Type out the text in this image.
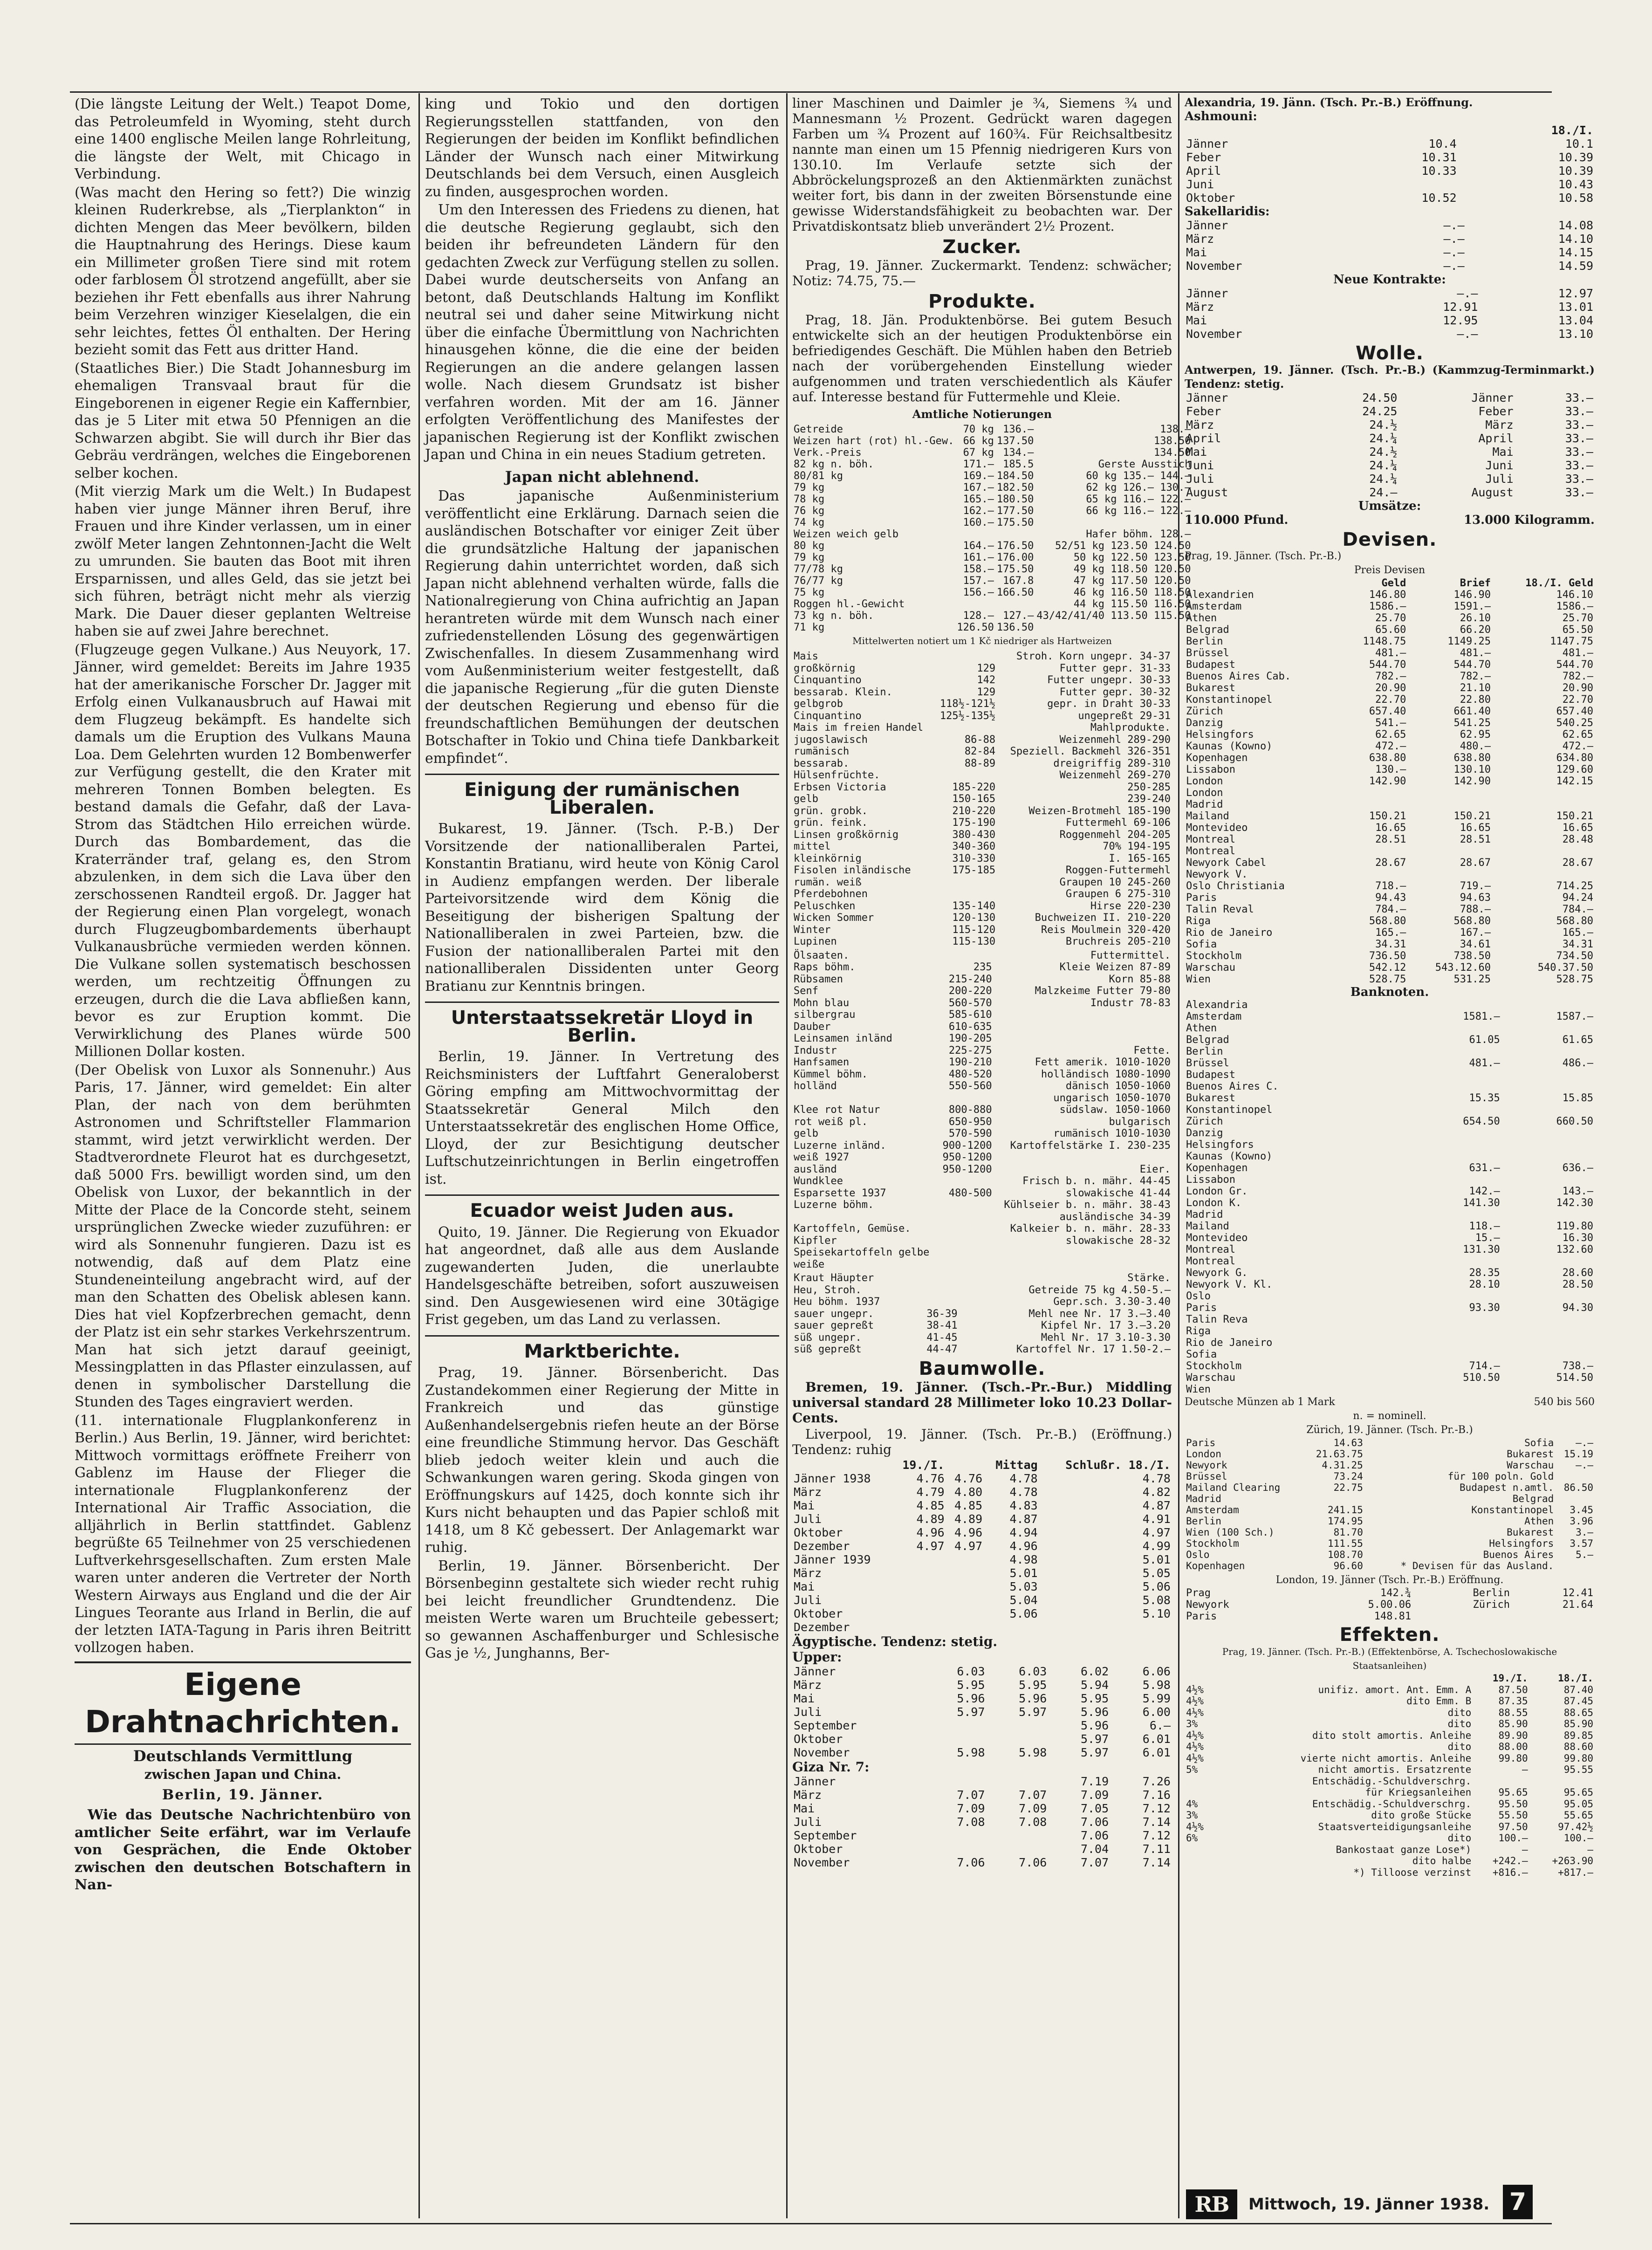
(Die längste Leitung der Welt.) Teapot Dome, das Petroleumfeld in Wyoming, steht durch eine 1400 englische Meilen lange Rohrleitung, die längste der Welt, mit Chicago in Verbindung.

(Was macht den Hering so fett?) Die winzig kleinen Ruderkrebse, als „Tierplankton“ in dichten Mengen das Meer bevölkern, bilden die Hauptnahrung des Herings. Diese kaum ein Millimeter großen Tiere sind mit rotem oder farblosem Öl strotzend angefüllt, aber sie beziehen ihr Fett ebenfalls aus ihrer Nahrung beim Verzehren winziger Kieselalgen, die ein sehr leichtes, fettes Öl enthalten. Der Hering bezieht somit das Fett aus dritter Hand.

(Staatliches Bier.) Die Stadt Johannesburg im ehemaligen Transvaal braut für die Eingeborenen in eigener Regie ein Kaffernbier, das je 5 Liter mit etwa 50 Pfennigen an die Schwarzen abgibt. Sie will durch ihr Bier das Gebräu verdrängen, welches die Eingeborenen selber kochen.

(Mit vierzig Mark um die Welt.) In Budapest haben vier junge Männer ihren Beruf, ihre Frauen und ihre Kinder verlassen, um in einer zwölf Meter langen Zehntonnen-Jacht die Welt zu umrunden. Sie bauten das Boot mit ihren Ersparnissen, und alles Geld, das sie jetzt bei sich führen, beträgt nicht mehr als vierzig Mark. Die Dauer dieser geplanten Weltreise haben sie auf zwei Jahre berechnet.

(Flugzeuge gegen Vulkane.) Aus Neuyork, 17. Jänner, wird gemeldet: Bereits im Jahre 1935 hat der amerikanische Forscher Dr. Jagger mit Erfolg einen Vulkanausbruch auf Hawai mit dem Flugzeug bekämpft. Es handelte sich damals um die Eruption des Vulkans Mauna Loa. Dem Gelehrten wurden 12 Bombenwerfer zur Verfügung gestellt, die den Krater mit mehreren Tonnen Bomben belegten. Es bestand damals die Gefahr, daß der Lava-Strom das Städtchen Hilo erreichen würde. Durch das Bombardement, das die Kraterränder traf, gelang es, den Strom abzulenken, in dem sich die Lava über den zerschossenen Randteil ergoß. Dr. Jagger hat der Regierung einen Plan vorgelegt, wonach durch Flugzeugbombardements überhaupt Vulkanausbrüche vermieden werden können. Die Vulkane sollen systematisch beschossen werden, um rechtzeitig Öffnungen zu erzeugen, durch die die Lava abfließen kann, bevor es zur Eruption kommt. Die Verwirklichung des Planes würde 500 Millionen Dollar kosten.

(Der Obelisk von Luxor als Sonnenuhr.) Aus Paris, 17. Jänner, wird gemeldet: Ein alter Plan, der nach von dem berühmten Astronomen und Schriftsteller Flammarion stammt, wird jetzt verwirklicht werden. Der Stadtverordnete Fleurot hat es durchgesetzt, daß 5000 Frs. bewilligt worden sind, um den Obelisk von Luxor, der bekanntlich in der Mitte der Place de la Concorde steht, seinem ursprünglichen Zwecke wieder zuzuführen: er wird als Sonnenuhr fungieren. Dazu ist es notwendig, daß auf dem Platz eine Stundeneinteilung angebracht wird, auf der man den Schatten des Obelisk ablesen kann. Dies hat viel Kopfzerbrechen gemacht, denn der Platz ist ein sehr starkes Verkehrszentrum. Man hat sich jetzt darauf geeinigt, Messingplatten in das Pflaster einzulassen, auf denen in symbolischer Darstellung die Stunden des Tages eingraviert werden.

(11. internationale Flugplankonferenz in Berlin.) Aus Berlin, 19. Jänner, wird berichtet: Mittwoch vormittags eröffnete Freiherr von Gablenz im Hause der Flieger die internationale Flugplankonferenz der International Air Traffic Association, die alljährlich in Berlin stattfindet. Gablenz begrüßte 65 Teilnehmer von 25 verschiedenen Luftverkehrsgesellschaften. Zum ersten Male waren unter anderen die Vertreter der North Western Airways aus England und die der Air Lingues Teorante aus Irland in Berlin, die auf der letzten IATA-Tagung in Paris ihren Beitritt vollzogen haben.

Eigene Drahtnachrichten.
Deutschlands Vermittlung
zwischen Japan und China.
Berlin, 19. Jänner.

Wie das Deutsche Nachrichtenbüro von amtlicher Seite erfährt, war im Verlaufe von Gesprächen, die Ende Oktober zwischen den deutschen Botschaftern in Nan-

king und Tokio und den dortigen Regierungsstellen stattfanden, von den Regierungen der beiden im Konflikt befindlichen Länder der Wunsch nach einer Mitwirkung Deutschlands bei dem Versuch, einen Ausgleich zu finden, ausgesprochen worden.

Um den Interessen des Friedens zu dienen, hat die deutsche Regierung geglaubt, sich den beiden ihr befreundeten Ländern für den gedachten Zweck zur Verfügung stellen zu sollen. Dabei wurde deutscherseits von Anfang an betont, daß Deutschlands Haltung im Konflikt neutral sei und daher seine Mitwirkung nicht über die einfache Übermittlung von Nachrichten hinausgehen könne, die die eine der beiden Regierungen an die andere gelangen lassen wolle. Nach diesem Grundsatz ist bisher verfahren worden. Mit der am 16. Jänner erfolgten Veröffentlichung des Manifestes der japanischen Regierung ist der Konflikt zwischen Japan und China in ein neues Stadium getreten.

Japan nicht ablehnend.

Das japanische Außenministerium veröffentlicht eine Erklärung. Darnach seien die ausländischen Botschafter vor einiger Zeit über die grundsätzliche Haltung der japanischen Regierung dahin unterrichtet worden, daß sich Japan nicht ablehnend verhalten würde, falls die Nationalregierung von China aufrichtig an Japan herantreten würde mit dem Wunsch nach einer zufriedenstellenden Lösung des gegenwärtigen Zwischenfalles. In diesem Zusammenhang wird vom Außenministerium weiter festgestellt, daß die japanische Regierung „für die guten Dienste der deutschen Regierung und ebenso für die freundschaftlichen Bemühungen der deutschen Botschafter in Tokio und China tiefe Dankbarkeit empfindet“.

Einigung der rumänischen Liberalen.

Bukarest, 19. Jänner. (Tsch. P.-B.) Der Vorsitzende der nationalliberalen Partei, Konstantin Bratianu, wird heute von König Carol in Audienz empfangen werden. Der liberale Parteivorsitzende wird dem König die Beseitigung der bisherigen Spaltung der Nationalliberalen in zwei Parteien, bzw. die Fusion der nationalliberalen Partei mit den nationalliberalen Dissidenten unter Georg Bratianu zur Kenntnis bringen.

Unterstaatssekretär Lloyd in Berlin.

Berlin, 19. Jänner. In Vertretung des Reichsministers der Luftfahrt Generaloberst Göring empfing am Mittwochvormittag der Staatssekretär General Milch den Unterstaatssekretär des englischen Home Office, Lloyd, der zur Besichtigung deutscher Luftschutzeinrichtungen in Berlin eingetroffen ist.

Ecuador weist Juden aus.

Quito, 19. Jänner. Die Regierung von Ekuador hat angeordnet, daß alle aus dem Auslande zugewanderten Juden, die unerlaubte Handelsgeschäfte betreiben, sofort auszuweisen sind. Den Ausgewiesenen wird eine 30tägige Frist gegeben, um das Land zu verlassen.

Marktberichte.

Prag, 19. Jänner. Börsenbericht. Das Zustandekommen einer Regierung der Mitte in Frankreich und das günstige Außenhandelsergebnis riefen heute an der Börse eine freundliche Stimmung hervor. Das Geschäft blieb jedoch weiter klein und auch die Schwankungen waren gering. Skoda gingen von Eröffnungskurs auf 1425, doch konnte sich ihr Kurs nicht behaupten und das Papier schloß mit 1418, um 8 Kč gebessert. Der Anlagemarkt war ruhig.

Berlin, 19. Jänner. Börsenbericht. Der Börsenbeginn gestaltete sich wieder recht ruhig bei leicht freundlicher Grundtendenz. Die meisten Werte waren um Bruchteile gebessert; so gewannen Aschaffenburger und Schlesische Gas je ½, Junghanns, Ber-

liner Maschinen und Daimler je ¾, Siemens ¾ und Mannesmann ½ Prozent. Gedrückt waren dagegen Farben um ¾ Prozent auf 160¾. Für Reichsaltbesitz nannte man einen um 15 Pfennig niedrigeren Kurs von 130.10. Im Verlaufe setzte sich der Abbröckelungsprozeß an den Aktienmärkten zunächst weiter fort, bis dann in der zweiten Börsenstunde eine gewisse Widerstandsfähigkeit zu beobachten war. Der Privatdiskontsatz blieb unverändert 2½ Prozent.

Zucker.

Prag, 19. Jänner. Zuckermarkt. Tendenz: schwächer; Notiz: 74.75, 75.—

Produkte.

Prag, 18. Jän. Produktenbörse. Bei gutem Besuch entwickelte sich an der heutigen Produktenbörse ein befriedigendes Geschäft. Die Mühlen haben den Betrieb nach der vorübergehenden Einstellung wieder aufgenommen und traten verschiedentlich als Käufer auf. Interesse bestand für Futtermehle und Kleie.

Amtliche Notierungen
Getreide	70 kg	136.—	138.—
Weizen hart (rot) hl.-Gew.	66 kg	137.50	138.50
Verk.-Preis	67 kg	134.—	134.50
82 kg n. böh.	171.—	185.5	Gerste Ausstich
80/81 kg	169.—	184.50	60 kg 135.— 144.—
79 kg	167.—	182.50	62 kg 126.— 130.—
78 kg	165.—	180.50	65 kg 116.— 122.—
76 kg	162.—	177.50	66 kg 116.— 122.—
74 kg	160.—	175.50	
Weizen weich gelb			Hafer böhm. 128.—
80 kg	164.—	176.50	52/51 kg 123.50 124.50
79 kg	161.—	176.00	50 kg 122.50 123.50
77/78 kg	158.—	175.50	49 kg 118.50 120.50
76/77 kg	157.—	167.8	47 kg 117.50 120.50
75 kg	156.—	166.50	46 kg 116.50 118.50
Roggen hl.-Gewicht			44 kg 115.50 116.50
73 kg n. böh.	128.—	127.—	43/42/41/40 113.50 115.50
71 kg	126.50	136.50	
Mittelwerten notiert um 1 Kč niedriger als Hartweizen
Mais		Stroh. Korn ungepr. 34-37
großkörnig	129	Futter gepr. 31-33
Cinquantino	142	Futter ungepr. 30-33
bessarab. Klein.	129	Futter gepr. 30-32
gelbgrob	118½-121½	gepr. in Draht 30-33
Cinquantino	125½-135½	ungepreßt 29-31
Mais im freien Handel		Mahlprodukte.
jugoslawisch	86-88	Weizenmehl 289-290
rumänisch	82-84	Speziell. Backmehl 326-351
bessarab.	88-89	dreigriffig 289-310
Hülsenfrüchte.		Weizenmehl 269-270
Erbsen Victoria	185-220	250-285
gelb	150-165	239-240
grün. grobk.	210-220	Weizen-Brotmehl 185-190
grün. feink.	175-190	Futtermehl 69-106
Linsen großkörnig	380-430	Roggenmehl 204-205
mittel	340-360	70% 194-195
kleinkörnig	310-330	I. 165-165
Fisolen inländische	175-185	Roggen-Futtermehl
rumän. weiß		Graupen 10 245-260
Pferdebohnen		Graupen 6 275-310
Peluschken	135-140	Hirse 220-230
Wicken Sommer	120-130	Buchweizen II. 210-220
Winter	115-120	Reis Moulmein 320-420
Lupinen	115-130	Bruchreis 205-210
Ölsaaten.		Futtermittel.
Raps böhm.	235	Kleie Weizen 87-89
Rübsamen	215-240	Korn 85-88
Senf	200-220	Malzkeime Futter 79-80
Mohn blau	560-570	Industr 78-83
silbergrau	585-610	
Dauber	610-635	
Leinsamen inländ	190-205	
Industr	225-275	Fette.
Hanfsamen	190-210	Fett amerik. 1010-1020
Kümmel böhm.	480-520	holländisch 1080-1090
holländ	550-560	dänisch 1050-1060
		ungarisch 1050-1070
Klee rot Natur	800-880	südslaw. 1050-1060
rot weiß pl.	650-950	bulgarisch
gelb	570-590	rumänisch 1010-1030
Luzerne inländ.	900-1200	Kartoffelstärke I. 230-235
weiß 1927	950-1200	
ausländ	950-1200	Eier.
Wundklee		Frisch b. n. mähr. 44-45
Esparsette 1937	480-500	slowakische 41-44
Luzerne böhm.		Kühlseier b. n. mähr. 38-43
		ausländische 34-39
Kartoffeln, Gemüse.		Kalkeier b. n. mähr. 28-33
Kipfler		slowakische 28-32
Speisekartoffeln gelbe		
weiße		
Kraut Häupter		Stärke.
Heu, Stroh.		Getreide 75 kg 4.50-5.—
Heu böhm. 1937		Gepr.sch. 3.30-3.40
sauer ungepr.	36-39	Mehl nee Nr. 17 3.—3.40
sauer gepreßt	38-41	Kipfel Nr. 17 3.—3.20
süß ungepr.	41-45	Mehl Nr. 17 3.10-3.30
süß gepreßt	44-47	Kartoffel Nr. 17 1.50-2.—
Baumwolle.

Bremen, 19. Jänner. (Tsch.-Pr.-Bur.) Middling universal standard 28 Millimeter loko 10.23 Dollar-Cents.

Liverpool, 19. Jänner. (Tsch. Pr.-B.) (Eröffnung.) Tendenz: ruhig

	19./I.		Mittag	Schlußr. 18./I.
Jänner 1938	4.76	4.76	4.78	4.78
März	4.79	4.80	4.78	4.82
Mai	4.85	4.85	4.83	4.87
Juli	4.89	4.89	4.87	4.91
Oktober	4.96	4.96	4.94	4.97
Dezember	4.97	4.97	4.96	4.99
Jänner 1939			4.98	5.01
März			5.01	5.05
Mai			5.03	5.06
Juli			5.04	5.08
Oktober			5.06	5.10
Dezember				
Ägyptische. Tendenz: stetig.
Upper:
Jänner	6.03	6.03	6.02	6.06
März	5.95	5.95	5.94	5.98
Mai	5.96	5.96	5.95	5.99
Juli	5.97	5.97	5.96	6.00
September			5.96	6.—
Oktober			5.97	6.01
November	5.98	5.98	5.97	6.01
Giza Nr. 7:
Jänner			7.19	7.26
März	7.07	7.07	7.09	7.16
Mai	7.09	7.09	7.05	7.12
Juli	7.08	7.08	7.06	7.14
September			7.06	7.12
Oktober			7.04	7.11
November	7.06	7.06	7.07	7.14
Alexandria, 19. Jänn. (Tsch. Pr.-B.) Eröffnung.
Ashmouni:
		18./I.
Jänner	10.4	10.1
Feber	10.31	10.39
April	10.33	10.39
Juni		10.43
Oktober	10.52	10.58
Sakellaridis:
Jänner	—.—	14.08
März	—.—	14.10
Mai	—.—	14.15
November	—.—	14.59
Neue Kontrakte:
Jänner	—.—	12.97
März	12.91	13.01
Mai	12.95	13.04
November	—.—	13.10
Wolle.
Antwerpen, 19. Jänner. (Tsch. Pr.-B.) (Kammzug-Terminmarkt.) Tendenz: stetig.
Jänner	24.50	Jänner	33.—
Feber	24.25	Feber	33.—
März	24.½	März	33.—
April	24.¼	April	33.—
Mai	24.½	Mai	33.—
Juni	24.¼	Juni	33.—
Juli	24.¼	Juli	33.—
August	24.—	August	33.—
Umsätze:
110.000 Pfund.	13.000 Kilogramm.
Devisen.
Prag, 19. Jänner. (Tsch. Pr.-B.)
Preis Devisen
	Geld	Brief	18./I. Geld
Alexandrien	146.80	146.90	146.10
Amsterdam	1586.—	1591.—	1586.—
Athen	25.70	26.10	25.70
Belgrad	65.60	66.20	65.50
Berlin	1148.75	1149.25	1147.75
Brüssel	481.—	481.—	481.—
Budapest	544.70	544.70	544.70
Buenos Aires Cab.	782.—	782.—	782.—
Bukarest	20.90	21.10	20.90
Konstantinopel	22.70	22.80	22.70
Zürich	657.40	661.40	657.40
Danzig	541.—	541.25	540.25
Helsingfors	62.65	62.95	62.65
Kaunas (Kowno)	472.—	480.—	472.—
Kopenhagen	638.80	638.80	634.80
Lissabon	130.—	130.10	129.60
London	142.90	142.90	142.15
London			
Madrid			
Mailand	150.21	150.21	150.21
Montevideo	16.65	16.65	16.65
Montreal	28.51	28.51	28.48
Montreal			
Newyork Cabel	28.67	28.67	28.67
Newyork V.			
Oslo Christiania	718.—	719.—	714.25
Paris	94.43	94.63	94.24
Talin Reval	784.—	788.—	784.—
Riga	568.80	568.80	568.80
Rio de Janeiro	165.—	167.—	165.—
Sofia	34.31	34.61	34.31
Stockholm	736.50	738.50	734.50
Warschau	542.12	543.12.60	540.37.50
Wien	528.75	531.25	528.75
Banknoten.
Alexandria		
Amsterdam	1581.—	1587.—
Athen		
Belgrad	61.05	61.65
Berlin		
Brüssel	481.—	486.—
Budapest		
Buenos Aires C.		
Bukarest	15.35	15.85
Konstantinopel		
Zürich	654.50	660.50
Danzig		
Helsingfors		
Kaunas (Kowno)		
Kopenhagen	631.—	636.—
Lissabon		
London Gr.	142.—	143.—
London K.	141.30	142.30
Madrid		
Mailand	118.—	119.80
Montevideo	15.—	16.30
Montreal	131.30	132.60
Montreal		
Newyork G.	28.35	28.60
Newyork V. Kl.	28.10	28.50
Oslo		
Paris	93.30	94.30
Talin Reva		
Riga		
Rio de Janeiro		
Sofia		
Stockholm	714.—	738.—
Warschau	510.50	514.50
Wien		
Deutsche Münzen ab 1 Mark	540 bis 560
n. = nominell.
Zürich, 19. Jänner. (Tsch. Pr.-B.)
Paris	14.63	Sofia	—.—
London	21.63.75	Bukarest	15.19
Newyork	4.31.25	Warschau	—.—
Brüssel	73.24	für 100 poln. Gold	
Mailand Clearing	22.75	Budapest n.amtl.	86.50
Madrid		Belgrad	
Amsterdam	241.15	Konstantinopel	3.45
Berlin	174.95	Athen	3.96
Wien (100 Sch.)	81.70	Bukarest	3.—
Stockholm	111.55	Helsingfors	3.57
Oslo	108.70	Buenos Aires	5.—
Kopenhagen	96.60	* Devisen für das Ausland.	
London, 19. Jänner (Tsch. Pr.-B.) Eröffnung.
Prag	142.¾	Berlin	12.41
Newyork	5.00.06	Zürich	21.64
Paris	148.81		
Effekten.
Prag, 19. Jänner. (Tsch. Pr.-B.) (Effektenbörse, A. Tschechoslowakische Staatsanleihen)
		19./I.	18./I.
4½%	unifiz. amort. Ant. Emm. A	87.50	87.40
4½%	dito Emm. B	87.35	87.45
4½%	dito	88.55	88.65
3%	dito	85.90	85.90
4½%	dito stolt amortis. Anleihe	89.90	89.85
4½%	dito	88.00	88.60
4½%	vierte nicht amortis. Anleihe	99.80	99.80
5%	nicht amortis. Ersatzrente	—	95.55
	Entschädig.-Schuldverschrg.		
	für Kriegsanleihen	95.65	95.65
4%	Entschädig.-Schuldverschrg.	95.50	95.05
3%	dito große Stücke	55.50	55.65
4½%	Staatsverteidigungsanleihe	97.50	97.42½
6%	dito	100.—	100.—
	Bankostaat ganze Lose*)	—	—
	dito halbe	+242.—	+263.90
	*) Tilloose verzinst	+816.—	+817.—
RB	Mittwoch, 19. Jänner 1938. 7
